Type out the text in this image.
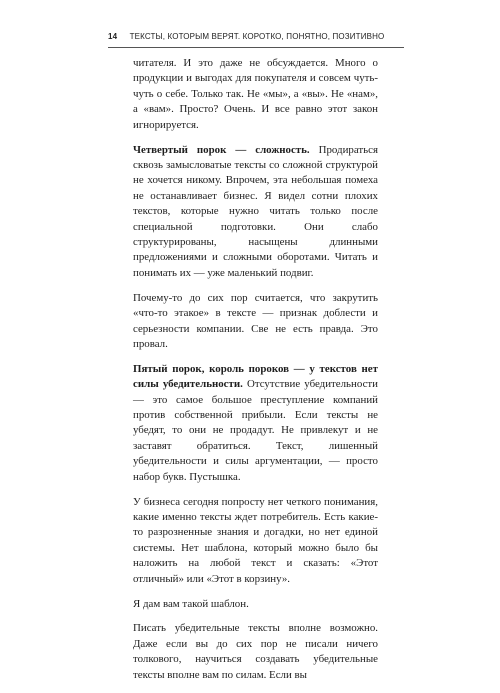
14 ТЕКСТЫ, КОТОРЫМ ВЕРЯТ. КОРОТКО, ПОНЯТНО, ПОЗИТИВНО

читателя. И это даже не обсуждается. Много о продукции и выгодах для покупателя и совсем чуть-чуть о себе. Только так. Не «мы», а «вы». Не «нам», а «вам». Просто? Очень. И все равно этот закон игнорируется.

Четвертый порок — сложность. Продираться сквозь замысловатые тексты со сложной структурой не хочется никому. Впрочем, эта небольшая помеха не останавливает бизнес. Я видел сотни плохих текстов, которые нужно читать только после специальной подготовки. Они слабо структурированы, насыщены длинными предложениями и сложными оборотами. Читать и понимать их — уже маленький подвиг.

Почему-то до сих пор считается, что закрутить «что-то этакое» в тексте — признак доблести и серьезности компании. Све не есть правда. Это провал.

Пятый порок, король пороков — у текстов нет силы убедительности. Отсутствие убедительности — это самое большое преступление компаний против собственной прибыли. Если тексты не убедят, то они не продадут. Не привлекут и не заставят обратиться. Текст, лишенный убедительности и силы аргументации, — просто набор букв. Пустышка.

У бизнеса сегодня попросту нет четкого понимания, какие именно тексты ждет потребитель. Есть какие-то разрозненные знания и догадки, но нет единой системы. Нет шаблона, который можно было бы наложить на любой текст и сказать: «Этот отличный» или «Этот в корзину».

Я дам вам такой шаблон.

Писать убедительные тексты вполне возможно. Даже если вы до сих пор не писали ничего толкового, научиться создавать убедительные тексты вполне вам по силам. Если вы
